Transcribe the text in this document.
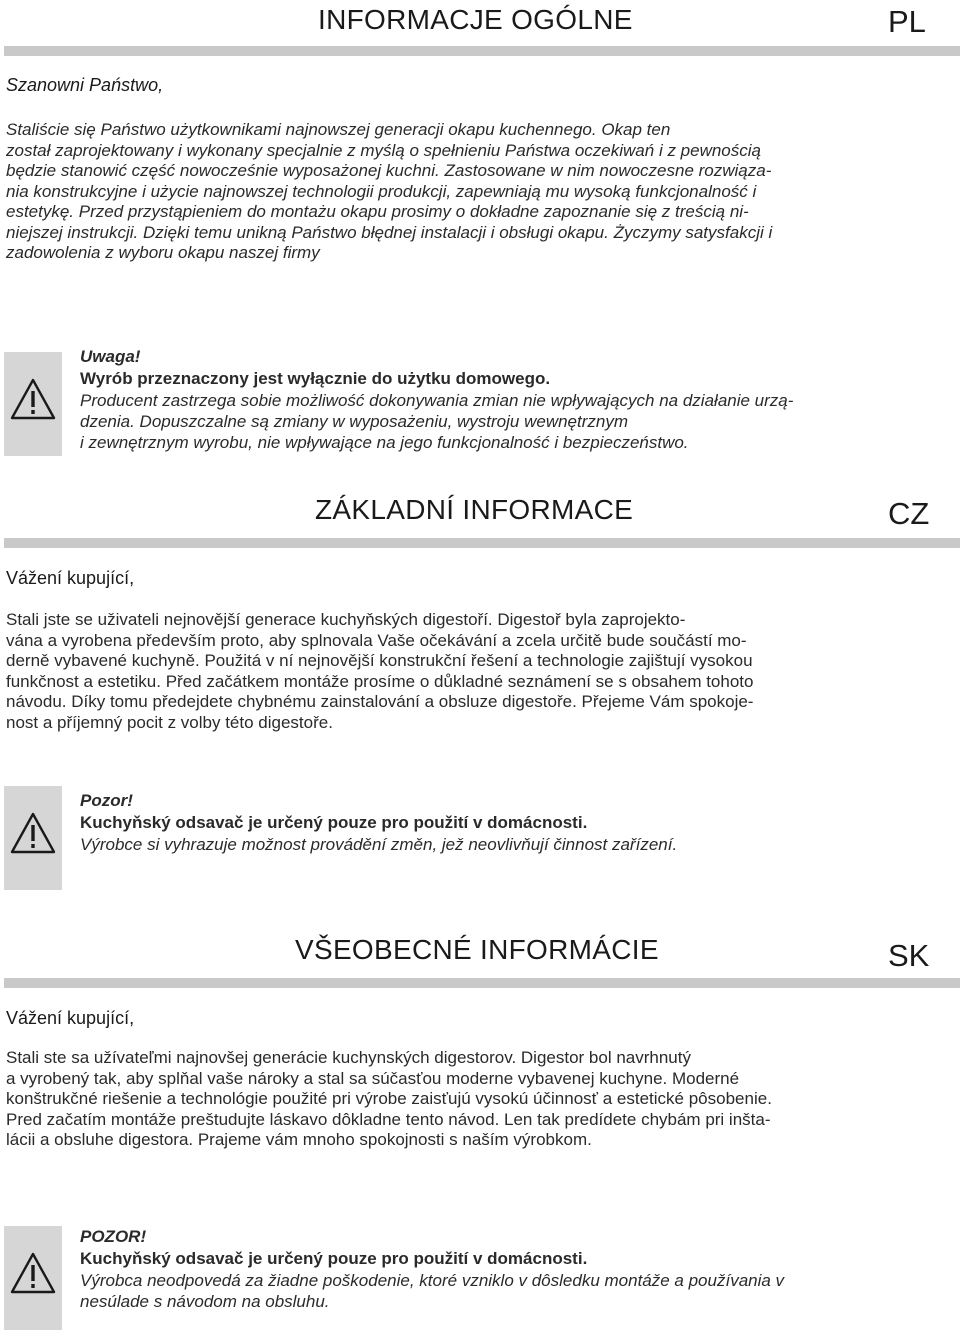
INFORMACJE OGÓLNE	PL
Szanowni Państwo,
Staliście się Państwo użytkownikami najnowszej generacji okapu kuchennego. Okap ten
został zaprojektowany i wykonany specjalnie z myślą o spełnieniu Państwa oczekiwań i z pewnością
będzie stanowić część nowocześnie wyposażonej kuchni. Zastosowane w nim nowoczesne rozwiąza-
nia konstrukcyjne i użycie najnowszej technologii produkcji, zapewniają mu wysoką funkcjonalność i
estetykę. Przed przystąpieniem do montażu okapu prosimy o dokładne zapoznanie się z treścią ni-
niejszej instrukcji. Dzięki temu unikną Państwo błędnej instalacji i obsługi okapu. Życzymy satysfakcji i
zadowolenia z wyboru okapu naszej firmy
Uwaga!
Wyrób przeznaczony jest wyłącznie do użytku domowego.
Producent zastrzega sobie możliwość dokonywania zmian nie wpływających na działanie urzą-
dzenia. Dopuszczalne są zmiany w wyposażeniu, wystroju wewnętrznym
i zewnętrznym wyrobu, nie wpływające na jego funkcjonalność i bezpieczeństwo.
ZÁKLADNÍ INFORMACE	CZ
Vážení kupující,
Stali jste se uživateli nejnovější generace kuchyňských digestoří. Digestoř byla zaprojekto-
vána a vyrobena především proto, aby splnovala Vaše očekávání a zcela určitě bude součástí mo-
derně vybavené kuchyně. Použitá v ní nejnovější konstrukční řešení a technologie zajištují vysokou
funkčnost a estetiku. Před začátkem montáže prosíme o důkladné seznámení se s obsahem tohoto
návodu. Díky tomu předejdete chybnému zainstalování a obsluze digestoře. Přejeme Vám spokoje-
nost a příjemný pocit z volby této digestoře.
Pozor!
Kuchyňský odsavač je určený pouze pro použití v domácnosti.
Výrobce si vyhrazuje možnost provádění změn, jež neovlivňují činnost zařízení.
VŠEOBECNÉ INFORMÁCIE	SK
Vážení kupující,
Stali ste sa užívateľmi najnovšej generácie kuchynských digestorov. Digestor bol navrhnutý
a vyrobený tak, aby splňal vaše nároky a stal sa súčasťou moderne vybavenej kuchyne. Moderné
konštrukčné riešenie a technológie použité pri výrobe zaisťujú vysokú účinnosť a estetické pôsobenie.
Pred začatím montáže preštudujte láskavo dôkladne tento návod. Len tak predídete chybám pri inšta-
lácii a obsluhe digestora. Prajeme vám mnoho spokojnosti s naším výrobkom.
POZOR!
Kuchyňský odsavač je určený pouze pro použití v domácnosti.
Výrobca neodpovedá za žiadne poškodenie, ktoré vzniklo v dôsledku montáže a používania v
nesúlade s návodom na obsluhu.
